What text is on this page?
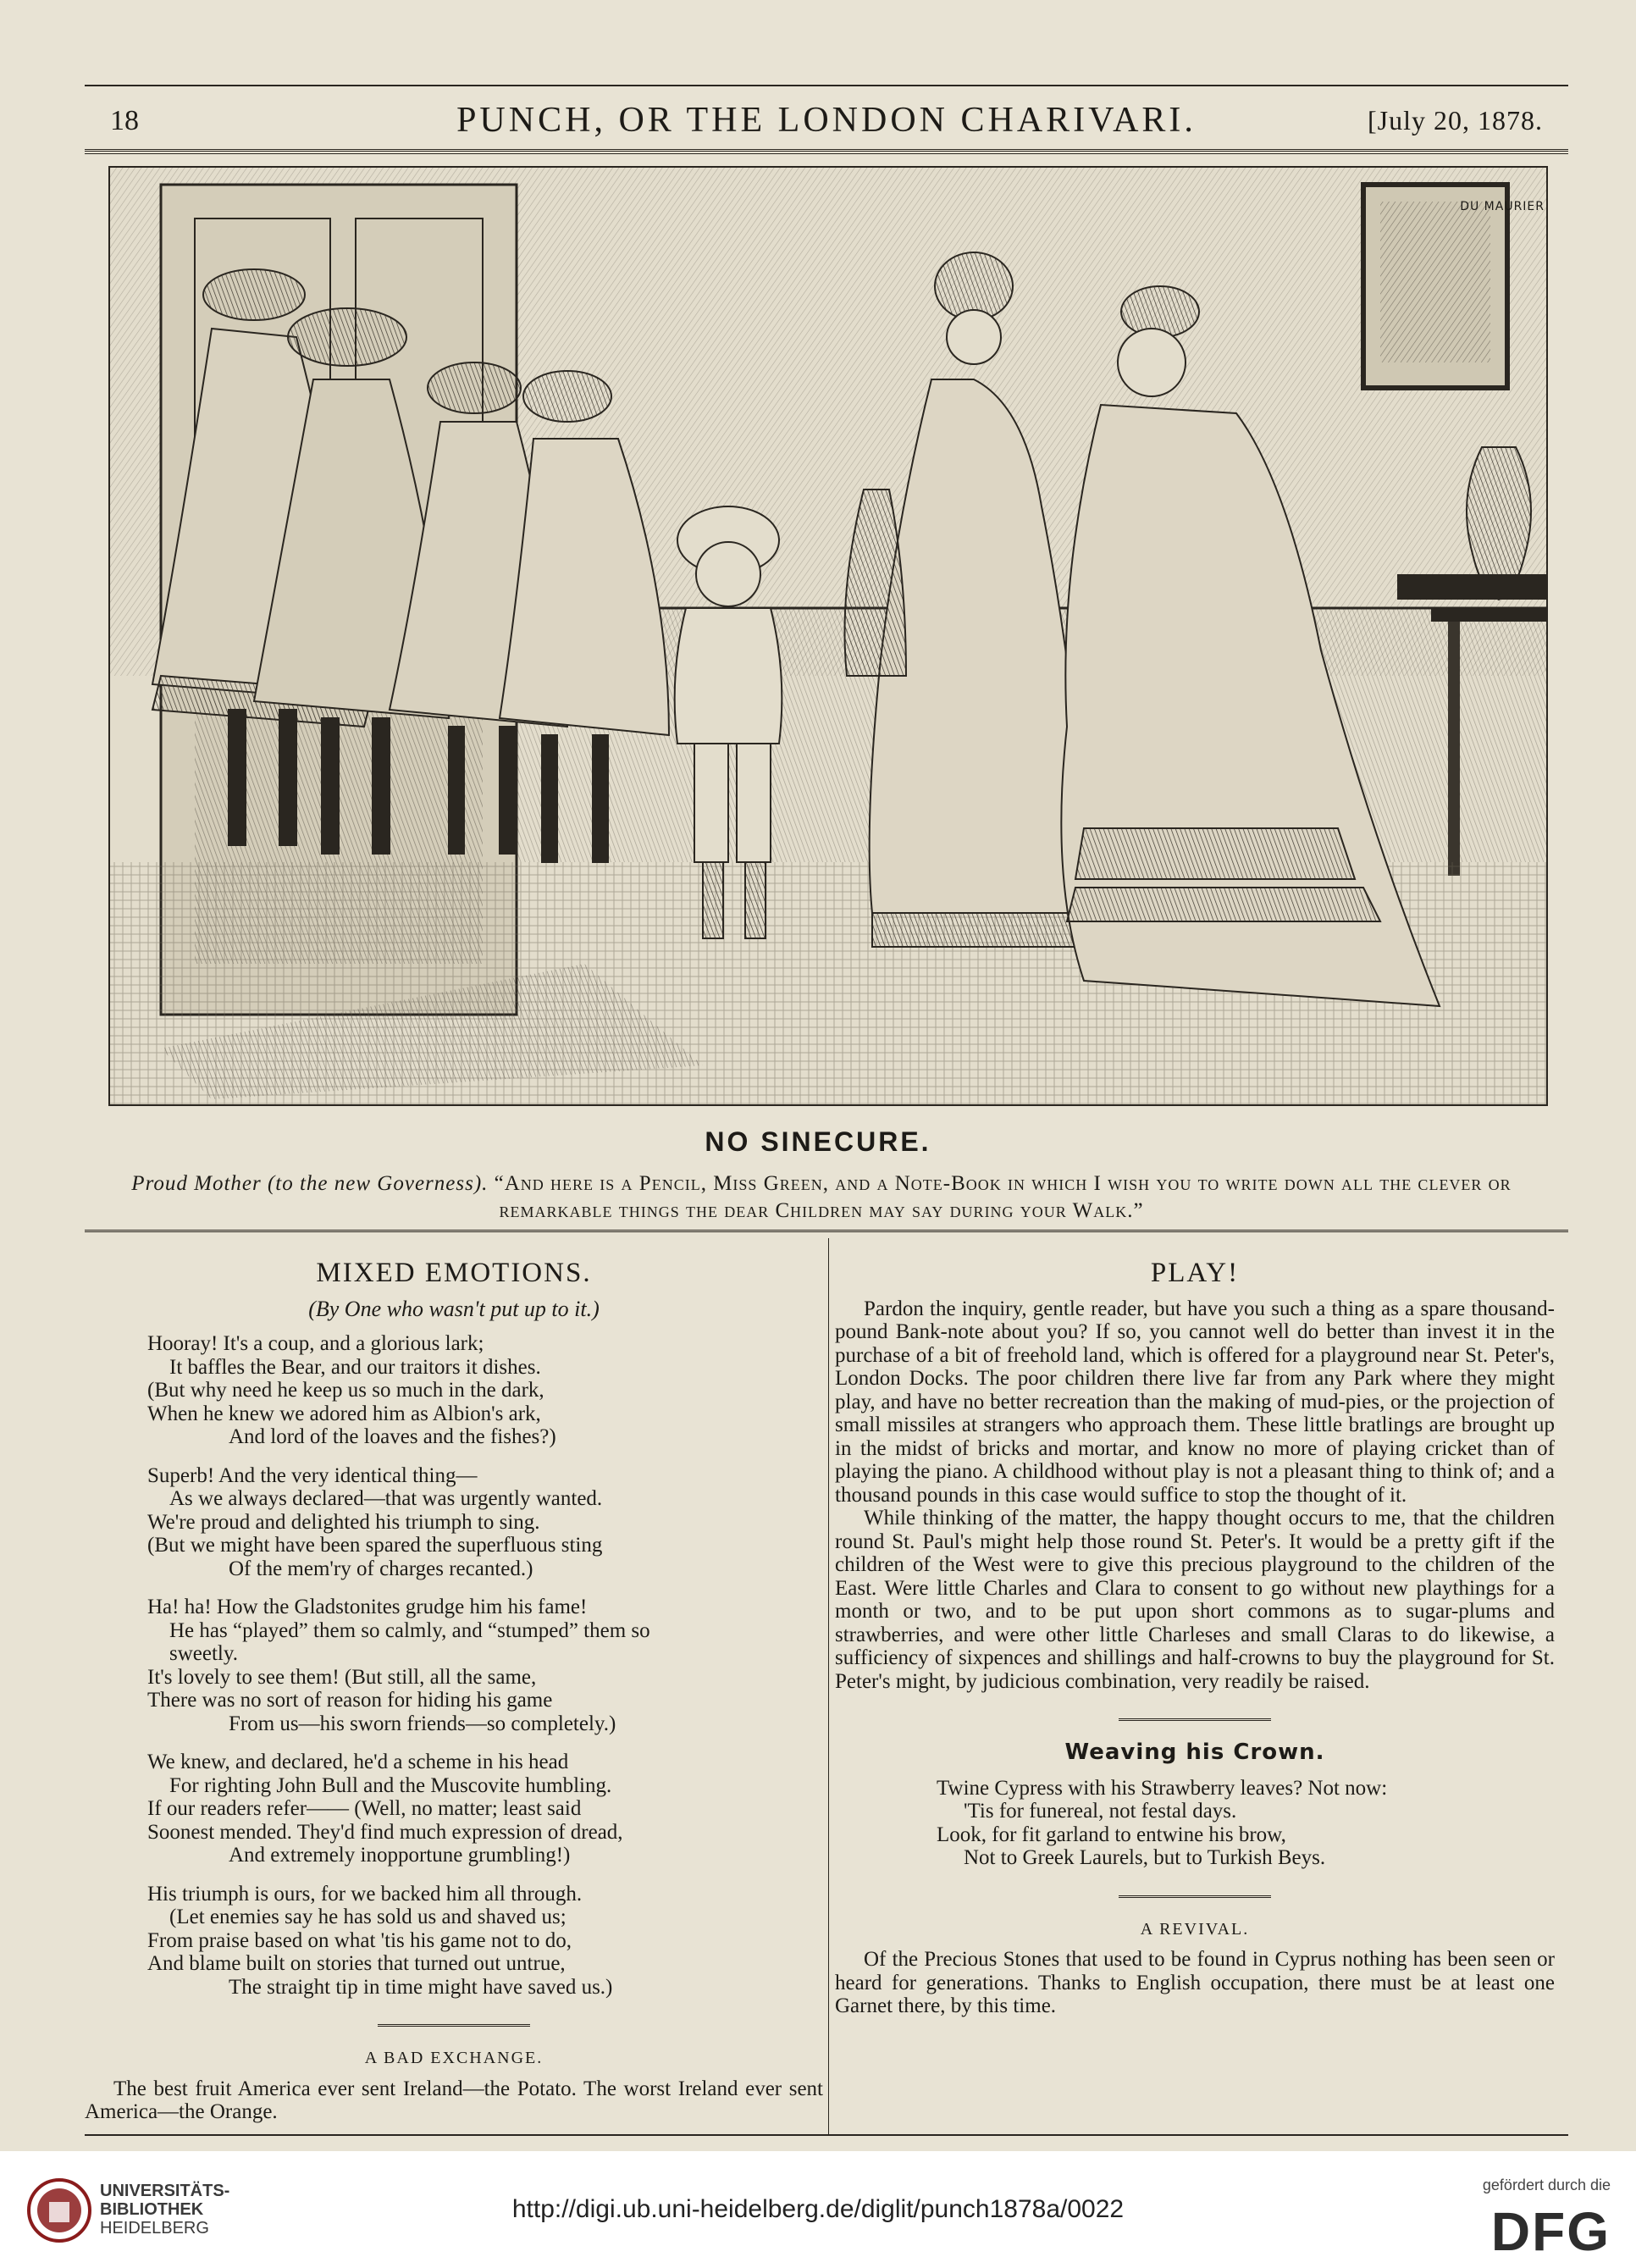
18	PUNCH, OR THE LONDON CHARIVARI.	[July 20, 1878.
DU MAURIER
NO SINECURE.
Proud Mother (to the new Governess). “And here is a Pencil, Miss Green, and a Note-Book in which I wish you to write down all the clever or remarkable things the dear Children may say during your Walk.”
MIXED EMOTIONS.
(By One who wasn't put up to it.)
Hooray! It's a coup, and a glorious lark;
It baffles the Bear, and our traitors it dishes.
(But why need he keep us so much in the dark,
When he knew we adored him as Albion's ark,
And lord of the loaves and the fishes?)
Superb! And the very identical thing—
As we always declared—that was urgently wanted.
We're proud and delighted his triumph to sing.
(But we might have been spared the superfluous sting
Of the mem'ry of charges recanted.)
Ha! ha! How the Gladstonites grudge him his fame!
He has “played” them so calmly, and “stumped” them so
sweetly.
It's lovely to see them! (But still, all the same,
There was no sort of reason for hiding his game
From us—his sworn friends—so completely.)
We knew, and declared, he'd a scheme in his head
For righting John Bull and the Muscovite humbling.
If our readers refer—— (Well, no matter; least said
Soonest mended. They'd find much expression of dread,
And extremely inopportune grumbling!)
His triumph is ours, for we backed him all through.
(Let enemies say he has sold us and shaved us;
From praise based on what 'tis his game not to do,
And blame built on stories that turned out untrue,
The straight tip in time might have saved us.)
A BAD EXCHANGE.

The best fruit America ever sent Ireland—the Potato. The worst Ireland ever sent America—the Orange.

PLAY!

Pardon the inquiry, gentle reader, but have you such a thing as a spare thousand-pound Bank-note about you? If so, you cannot well do better than invest it in the purchase of a bit of freehold land, which is offered for a playground near St. Peter's, London Docks. The poor children there live far from any Park where they might play, and have no better recreation than the making of mud-pies, or the projection of small missiles at strangers who approach them. These little bratlings are brought up in the midst of bricks and mortar, and know no more of playing cricket than of playing the piano. A childhood without play is not a pleasant thing to think of; and a thousand pounds in this case would suffice to stop the thought of it.

While thinking of the matter, the happy thought occurs to me, that the children round St. Paul's might help those round St. Peter's. It would be a pretty gift if the children of the West were to give this precious playground to the children of the East. Were little Charles and Clara to consent to go without new playthings for a month or two, and to be put upon short commons as to sugar-plums and strawberries, and were other little Charleses and small Claras to do likewise, a sufficiency of sixpences and shillings and half-crowns to buy the playground for St. Peter's might, by judicious combination, very readily be raised.

Weaving his Crown.
Twine Cypress with his Strawberry leaves? Not now:
'Tis for funereal, not festal days.
Look, for fit garland to entwine his brow,
Not to Greek Laurels, but to Turkish Beys.
A REVIVAL.

Of the Precious Stones that used to be found in Cyprus nothing has been seen or heard for generations. Thanks to English occupation, there must be at least one Garnet there, by this time.

UNIVERSITÄTS-
BIBLIOTHEK
HEIDELBERG
http://digi.ub.uni-heidelberg.de/diglit/punch1878a/0022
gefördert durch die
DFG
